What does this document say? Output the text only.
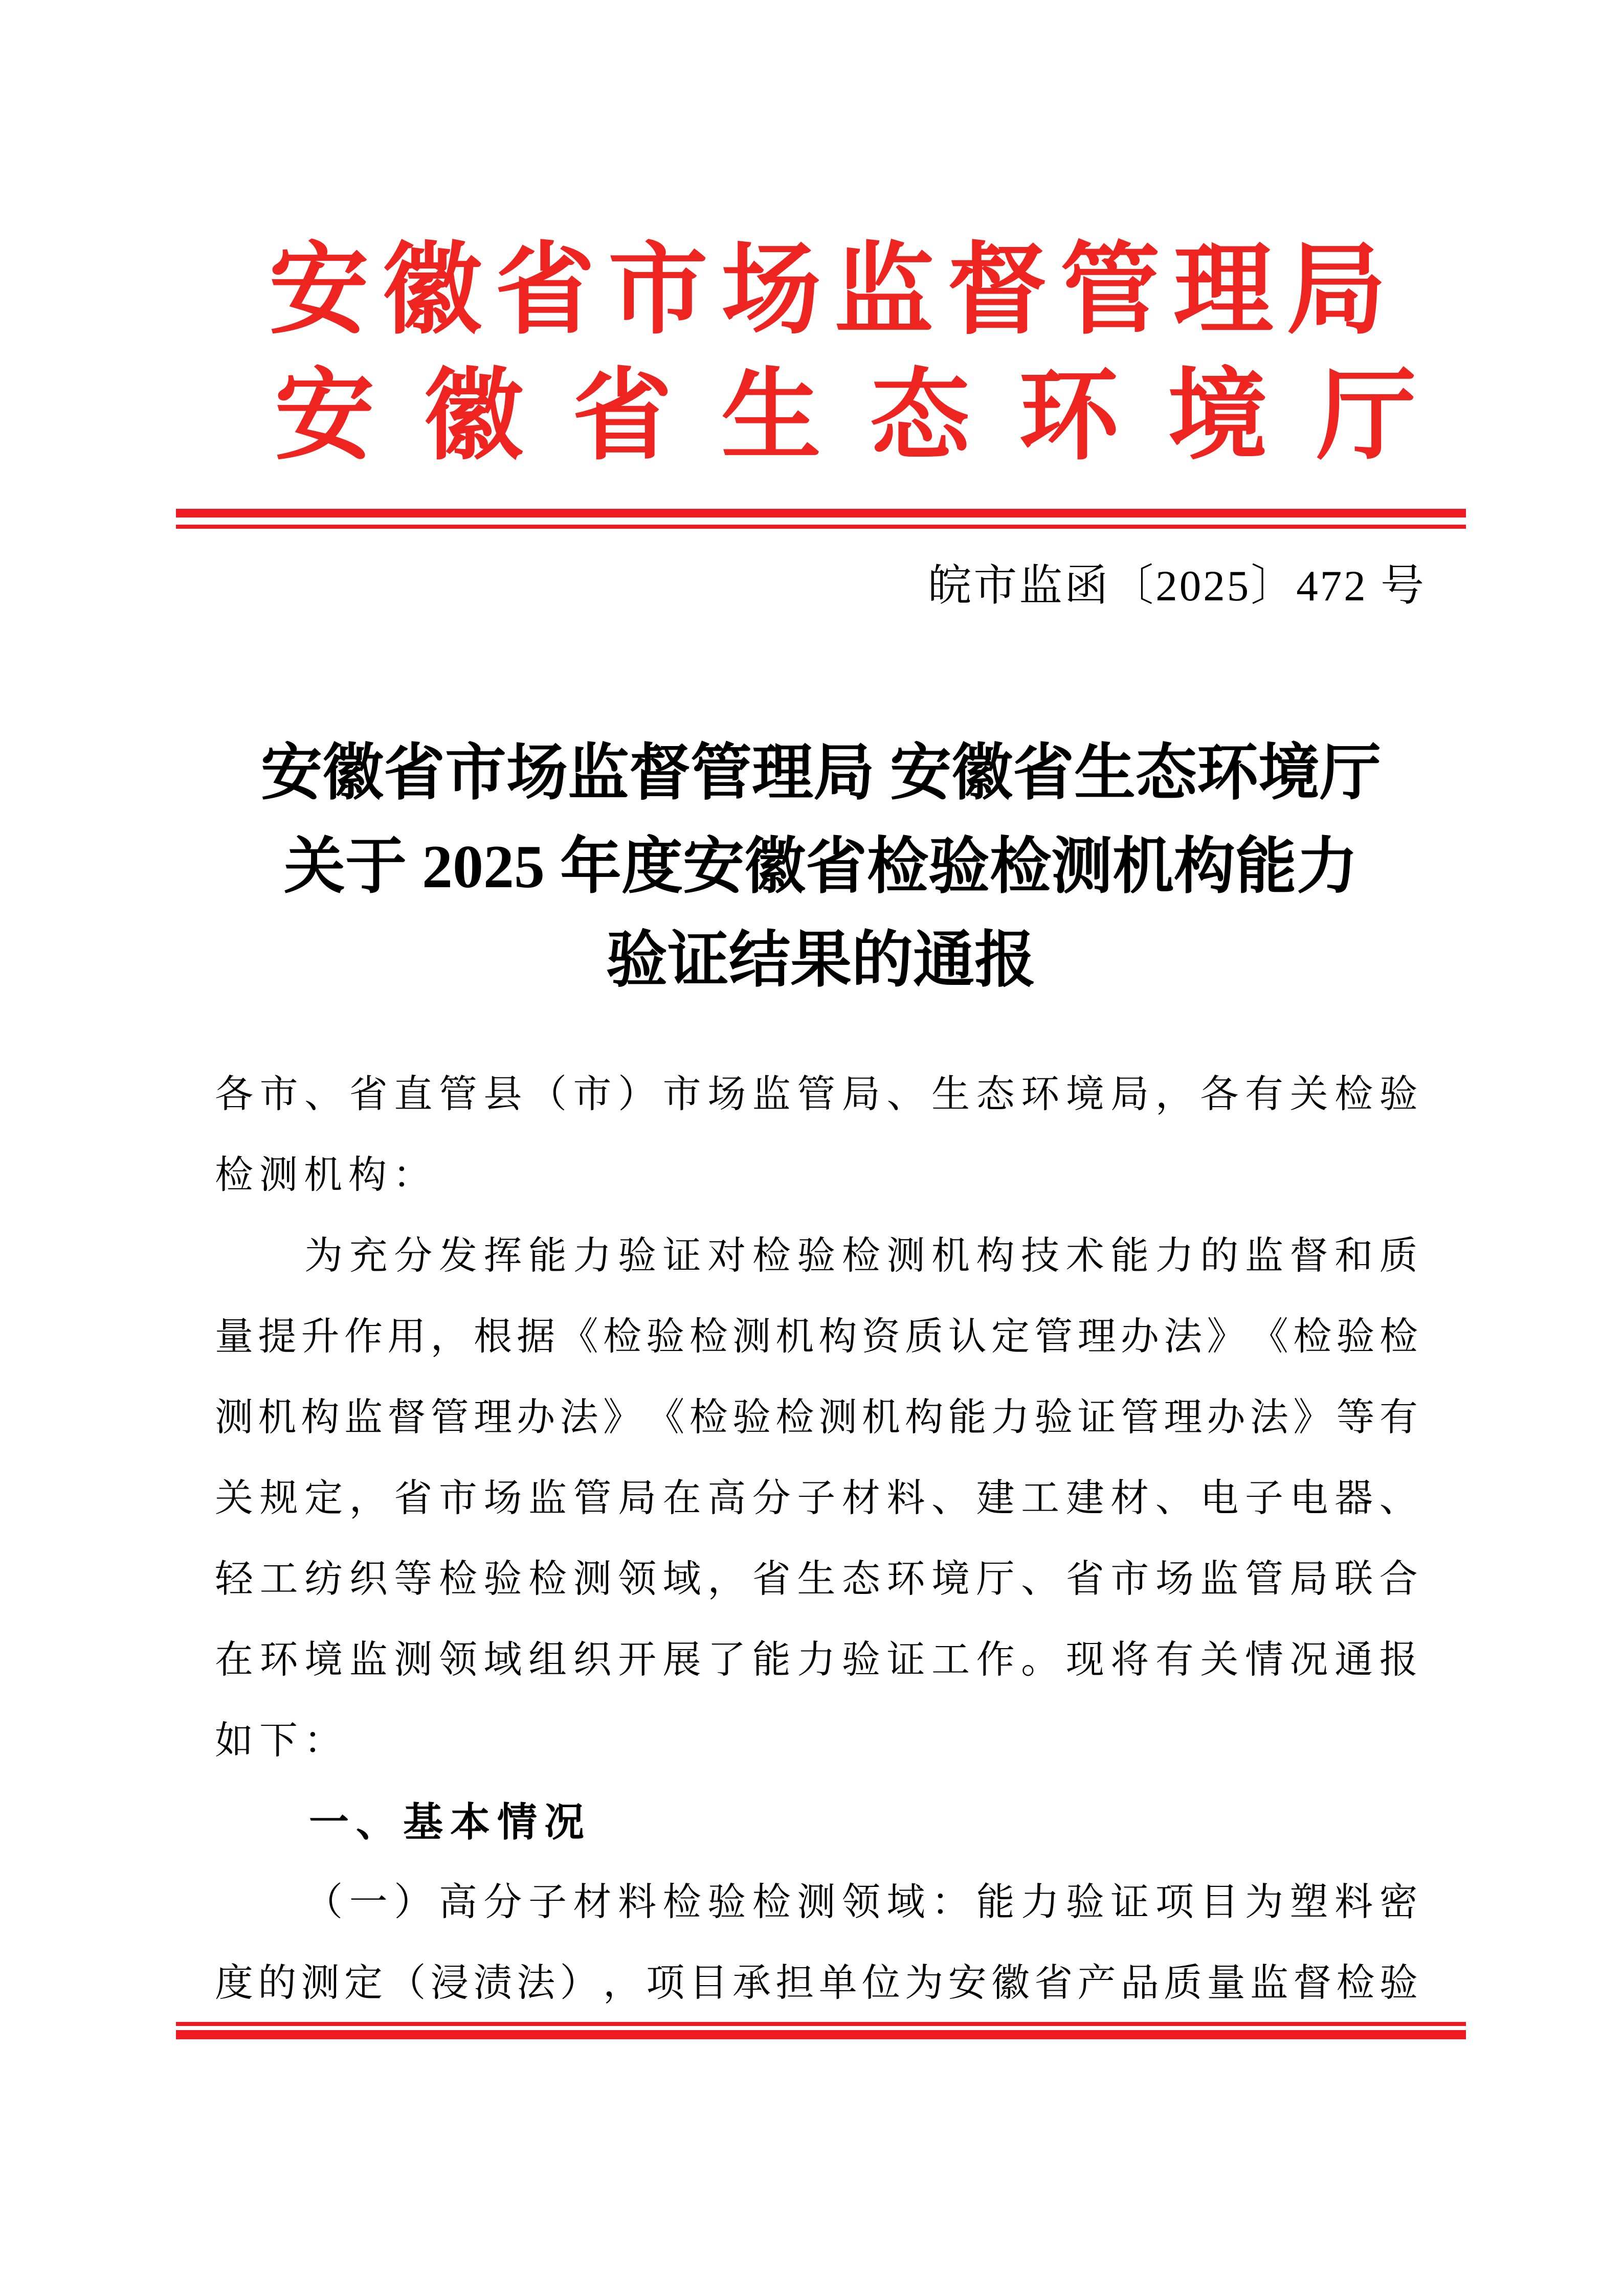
安徽省市场监督管理局
安徽省生态环境厅
皖市监函〔2025〕472 号
安徽省市场监督管理局 安徽省生态环境厅
关于 2025 年度安徽省检验检测机构能力
验证结果的通报
各 市 、 省 直 管 县 （ 市 ） 市 场 监 管 局 、 生 态 环 境 局 ， 各 有 关 检 验
检测机构：

为 充 分 发 挥 能 力 验 证 对 检 验 检 测 机 构 技 术 能 力 的 监 督 和 质
量 提 升 作 用 ， 根 据 《 检 验 检 测 机 构 资 质 认 定 管 理 办 法 》 《 检 验 检
测 机 构 监 督 管 理 办 法 》 《 检 验 检 测 机 构 能 力 验 证 管 理 办 法 》 等 有
关 规 定 ， 省 市 场 监 管 局 在 高 分 子 材 料 、 建 工 建 材 、 电 子 电 器 、
轻 工 纺 织 等 检 验 检 测 领 域 ， 省 生 态 环 境 厅 、 省 市 场 监 管 局 联 合
在 环 境 监 测 领 域 组 织 开 展 了 能 力 验 证 工 作 。 现 将 有 关 情 况 通 报
如下：
　　一、基本情况

（ 一 ） 高 分 子 材 料 检 验 检 测 领 域 ： 能 力 验 证 项 目 为 塑 料 密
度 的 测 定 （ 浸 渍 法 ） ， 项 目 承 担 单 位 为 安 徽 省 产 品 质 量 监 督 检 验
